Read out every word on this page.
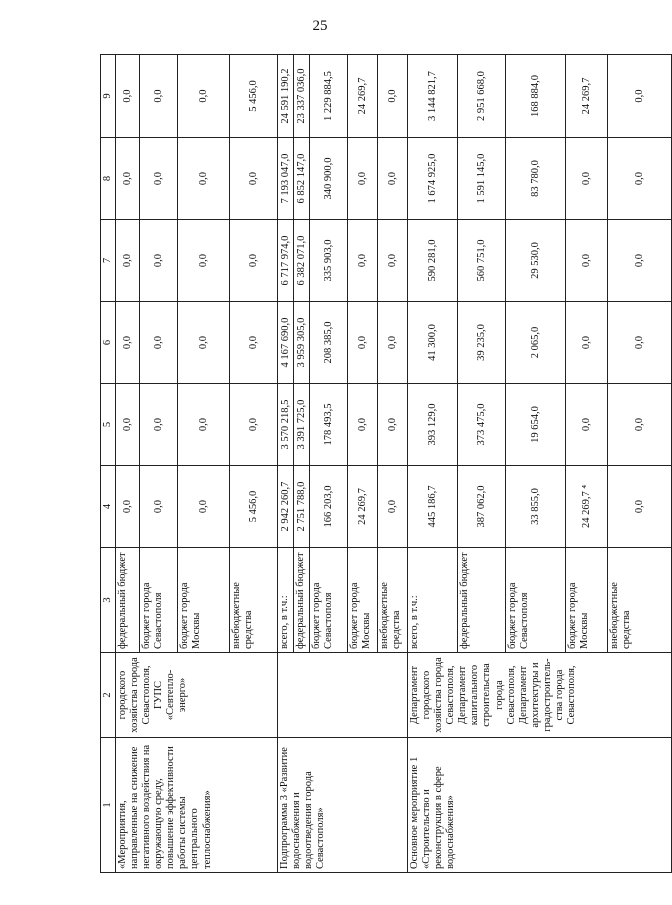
25
1	2	3	4	5	6	7	8	9
«Мероприятия, направленные на снижение негативного воздействия на окружающую среду, повышение эффективности работы системы центрального теплоснабжения»	городского хозяйства города Севастополя, ГУПС «Севтепло-энерго»	федеральный бюджет	0,0	0,0	0,0	0,0	0,0	0,0
		бюджет города Севастополя	0,0	0,0	0,0	0,0	0,0	0,0
		бюджет города Москвы	0,0	0,0	0,0	0,0	0,0	0,0
		внебюджетные средства	5 456,0	0,0	0,0	0,0	0,0	5 456,0
Подпрограмма 3 «Развитие водоснабжения и водоотведения города Севастополя»		всего, в т.ч.:	2 942 260,7	3 570 218,5	4 167 690,0	6 717 974,0	7 193 047,0	24 591 190,2
		федеральный бюджет	2 751 788,0	3 391 725,0	3 959 305,0	6 382 071,0	6 852 147,0	23 337 036,0
		бюджет города Севастополя	166 203,0	178 493,5	208 385,0	335 903,0	340 900,0	1 229 884,5
		бюджет города Москвы	24 269,7	0,0	0,0	0,0	0,0	24 269,7
		внебюджетные средства	0,0	0,0	0,0	0,0	0,0	0,0
Основное мероприятие 1 «Строительство и реконструкция в сфере водоснабжения»	Департамент городского хозяйства города Севастополя, Департамент капитального строительства города Севастополя, Департамент архитектуры и градостроитель-ства города Севастополя,	всего, в т.ч.:	445 186,7	393 129,0	41 300,0	590 281,0	1 674 925,0	3 144 821,7
		федеральный бюджет	387 062,0	373 475,0	39 235,0	560 751,0	1 591 145,0	2 951 668,0
		бюджет города Севастополя	33 855,0	19 654,0	2 065,0	29 530,0	83 780,0	168 884,0
		бюджет города Москвы	24 269,7 ⁴	0,0	0,0	0,0	0,0	24 269,7
		внебюджетные средства	0,0	0,0	0,0	0,0	0,0	0,0
